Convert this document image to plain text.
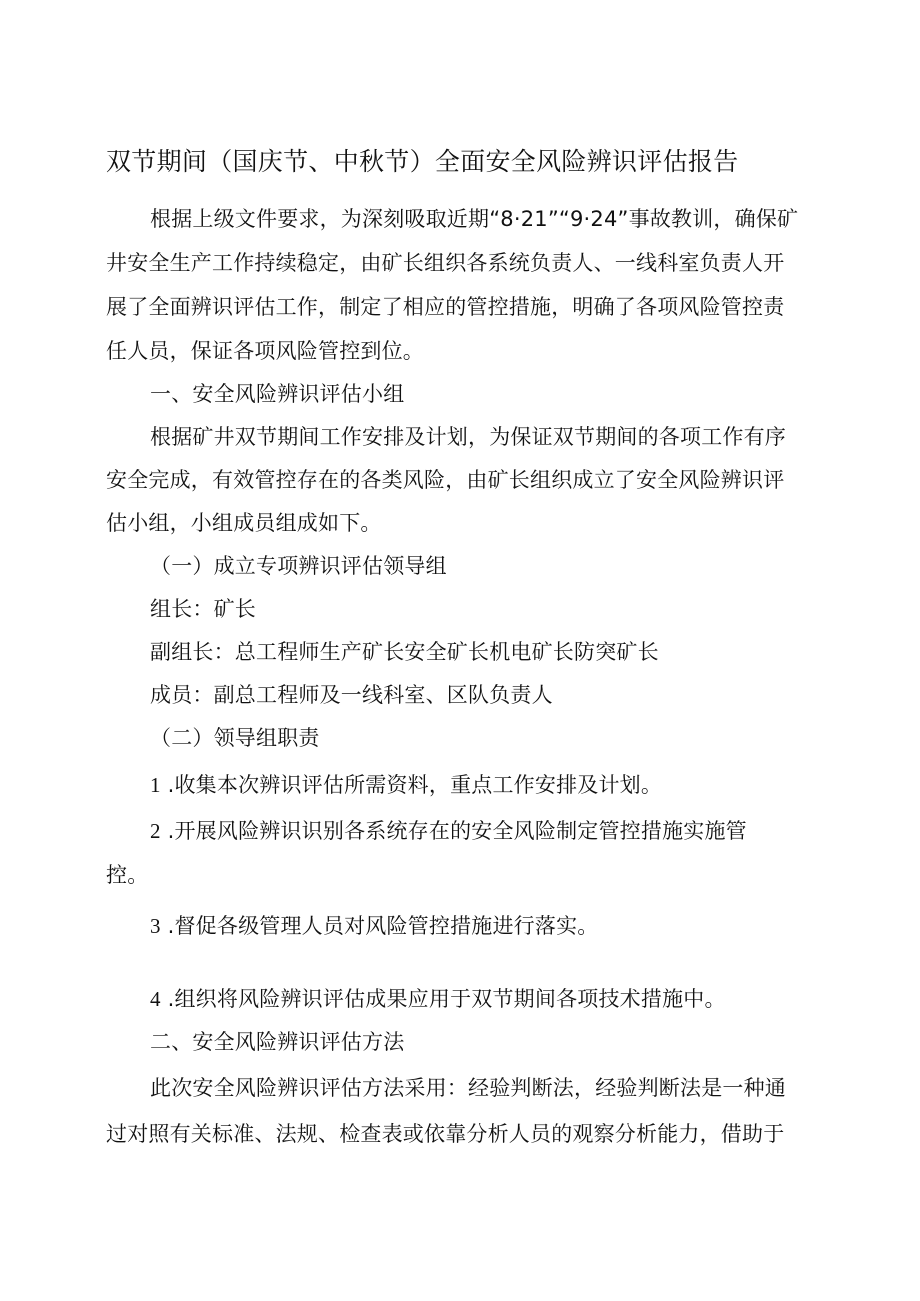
双节期间（国庆节、中秋节）全面安全风险辨识评估报告
根据上级文件要求，为深刻吸取近期“8·21”“9·24”事故教训，确保矿
井安全生产工作持续稳定，由矿长组织各系统负责人、一线科室负责人开
展了全面辨识评估工作，制定了相应的管控措施，明确了各项风险管控责
任人员，保证各项风险管控到位。
一、安全风险辨识评估小组
根据矿井双节期间工作安排及计划，为保证双节期间的各项工作有序
安全完成，有效管控存在的各类风险，由矿长组织成立了安全风险辨识评
估小组，小组成员组成如下。
（一）成立专项辨识评估领导组
组长：矿长
副组长：总工程师生产矿长安全矿长机电矿长防突矿长
成员：副总工程师及一线科室、区队负责人
（二）领导组职责
1 .收集本次辨识评估所需资料，重点工作安排及计划。
2 .开展风险辨识识别各系统存在的安全风险制定管控措施实施管
控。
3 .督促各级管理人员对风险管控措施进行落实。
4 .组织将风险辨识评估成果应用于双节期间各项技术措施中。
二、安全风险辨识评估方法
此次安全风险辨识评估方法采用：经验判断法，经验判断法是一种通
过对照有关标准、法规、检查表或依靠分析人员的观察分析能力，借助于
